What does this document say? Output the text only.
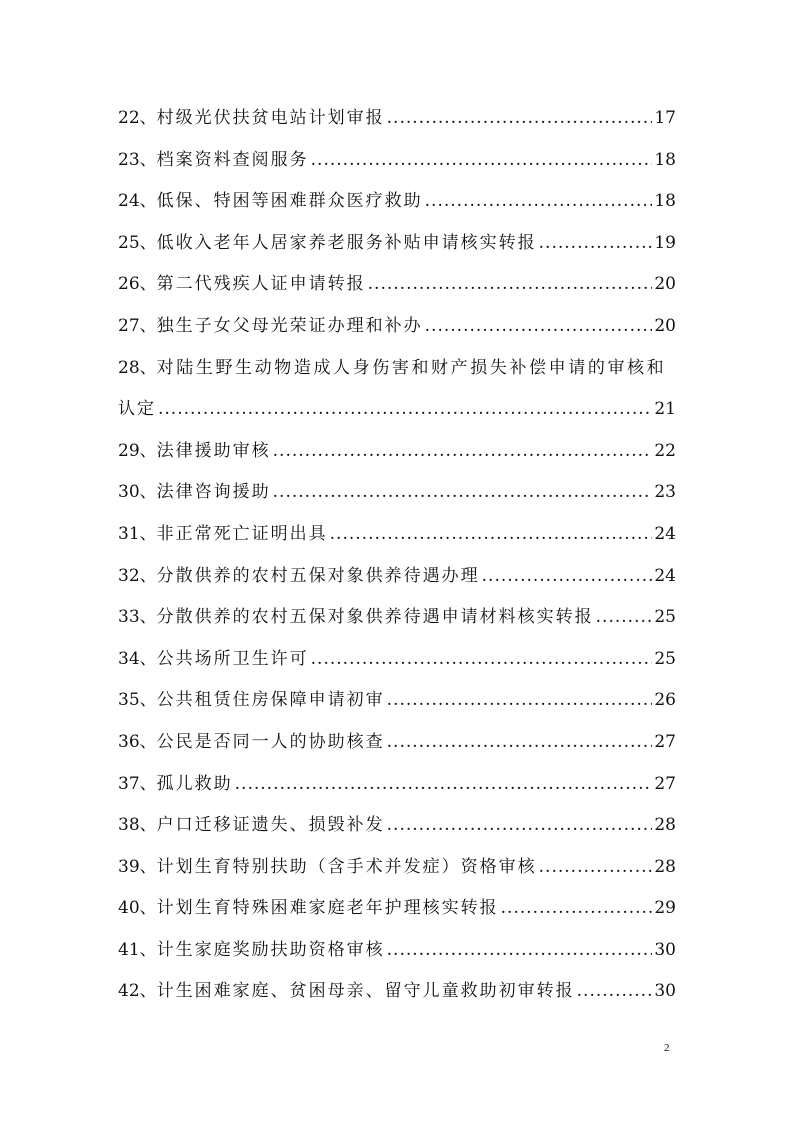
22、 村级光伏扶贫电站计划审报 .....	17
23、 档案资料查阅服务 .....	18
24、 低保、特困等困难群众医疗救助 .....	18
25、 低收入老年人居家养老服务补贴申请核实转报 .....	19
26、 第二代残疾人证申请转报 .....	20
27、 独生子女父母光荣证办理和补办 .....	20
28、 对陆生野生动物造成人身伤害和财产损失补偿申请的审核和
认定 .....	21
29、 法律援助审核 .....	22
30、 法律咨询援助 .....	23
31、 非正常死亡证明出具 .....	24
32、 分散供养的农村五保对象供养待遇办理 .....	24
33、 分散供养的农村五保对象供养待遇申请材料核实转报 .....	25
34、 公共场所卫生许可 .....	25
35、 公共租赁住房保障申请初审 .....	26
36、 公民是否同一人的协助核查 .....	27
37、 孤儿救助 .....	27
38、 户口迁移证遗失、损毁补发 .....	28
39、 计划生育特别扶助（含手术并发症）资格审核 .....	28
40、 计划生育特殊困难家庭老年护理核实转报 .....	29
41、 计生家庭奖励扶助资格审核 .....	30
42、 计生困难家庭、贫困母亲、留守儿童救助初审转报 .....	30
2
